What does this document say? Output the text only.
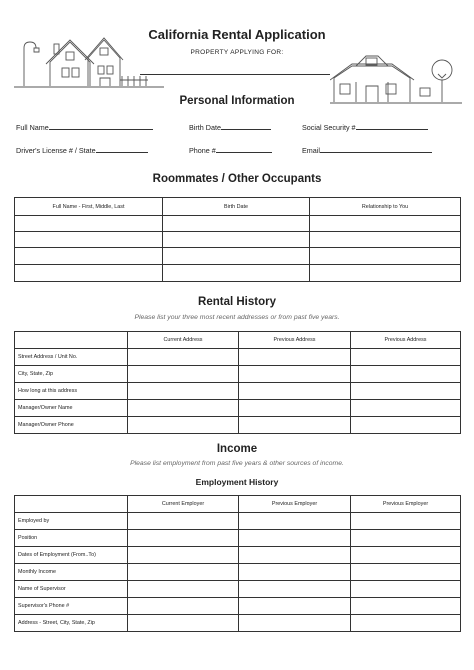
California Rental Application
PROPERTY APPLYING FOR:
Personal Information
Full Name	Birth Date	Social Security #
Driver's License # / State	Phone #	Email
Roommates / Other Occupants
Full Name - First, Middle, Last	Birth Date	Relationship to You

Rental History
Please list your three most recent addresses or from past five years.
	Current Address	Previous Address	Previous Address
Street Address / Unit No.			
City, State, Zip			
How long at this address			
Manager/Owner Name			
Manager/Owner Phone			
Income
Please list employment from past five years & other sources of income.
Employment History
	Current Employer	Previous Employer	Previous Employer
Employed by			
Position			
Dates of Employment (From..To)			
Monthly Income			
Name of Supervisor			
Supervisor's Phone #			
Address - Street, City, State, Zip			
